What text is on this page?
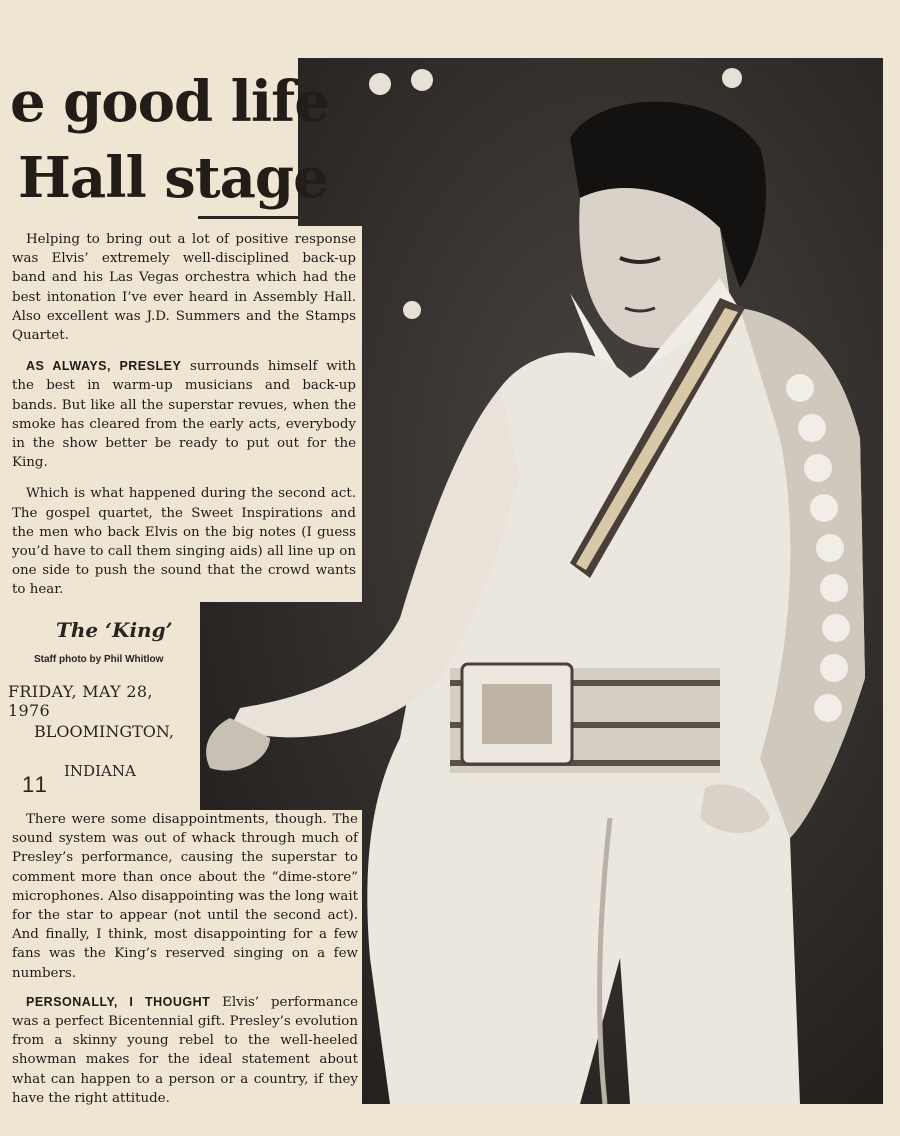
e good life
Hall stage

Helping to bring out a lot of positive response was Elvis’ extremely well-disciplined back-up band and his Las Vegas orchestra which had the best intonation I’ve ever heard in Assembly Hall. Also excellent was J.D. Summers and the Stamps Quartet.

AS ALWAYS, PRESLEY surrounds himself with the best in warm-up musicians and back-up bands. But like all the superstar revues, when the smoke has cleared from the early acts, everybody in the show better be ready to put out for the King.

Which is what happened during the second act. The gospel quartet, the Sweet Inspirations and the men who back Elvis on the big notes (I guess you’d have to call them singing aids) all line up on one side to push the sound that the crowd wants to hear.

The ‘King’
Staff photo by Phil Whitlow
FRIDAY, MAY 28, 1976
BLOOMINGTON,
INDIANA
11

There were some disappointments, though. The sound system was out of whack through much of Presley’s performance, causing the superstar to comment more than once about the “dime-store” microphones. Also disappointing was the long wait for the star to appear (not until the second act). And finally, I think, most disappointing for a few fans was the King’s reserved singing on a few numbers.

PERSONALLY, I THOUGHT Elvis’ performance was a perfect Bicentennial gift. Presley’s evolution from a skinny young rebel to the well-heeled showman makes for the ideal statement about what can happen to a person or a country, if they have the right attitude.
